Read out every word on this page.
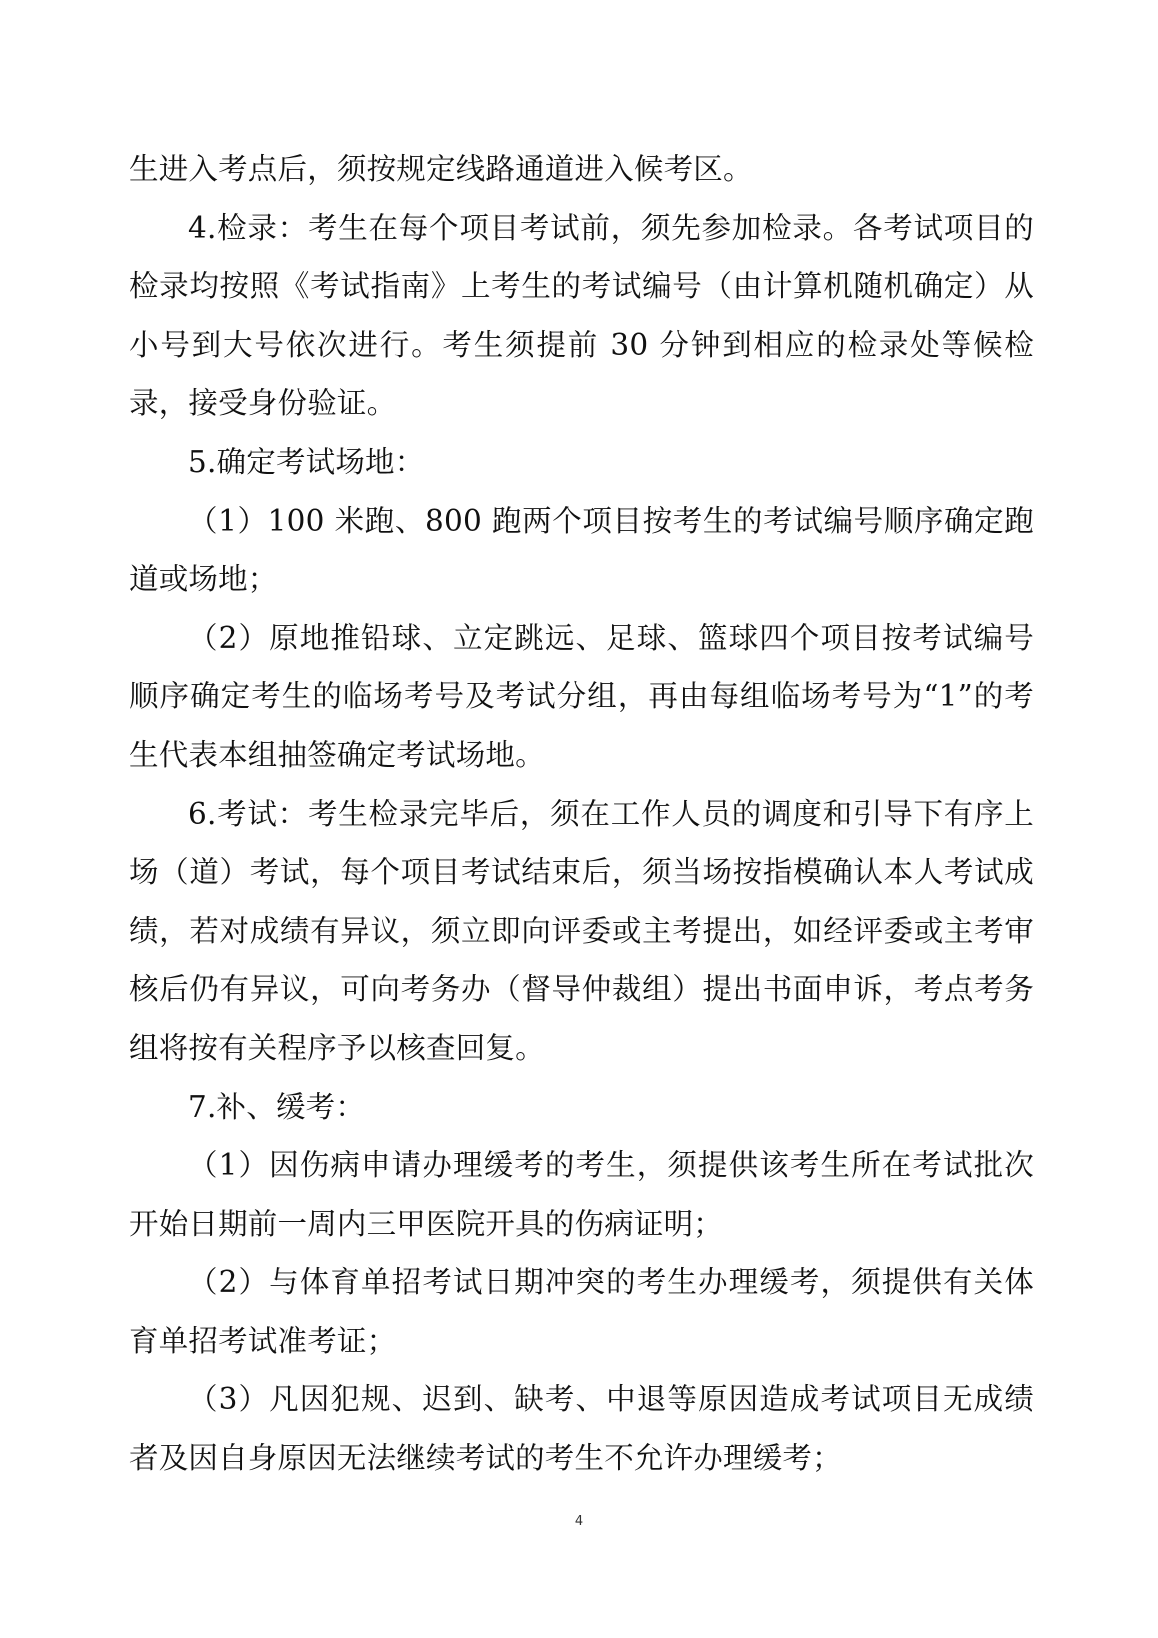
生进入考点后，须按规定线路通道进入候考区。

4.检录：考生在每个项目考试前，须先参加检录。各考试项目的检录均按照《考试指南》上考生的考试编号（由计算机随机确定）从小号到大号依次进行。考生须提前 30 分钟到相应的检录处等候检录，接受身份验证。

5.确定考试场地：

（1）100 米跑、800 跑两个项目按考生的考试编号顺序确定跑道或场地；

（2）原地推铅球、立定跳远、足球、篮球四个项目按考试编号顺序确定考生的临场考号及考试分组，再由每组临场考号为“1”的考生代表本组抽签确定考试场地。

6.考试：考生检录完毕后，须在工作人员的调度和引导下有序上场（道）考试，每个项目考试结束后，须当场按指模确认本人考试成绩，若对成绩有异议，须立即向评委或主考提出，如经评委或主考审核后仍有异议，可向考务办（督导仲裁组）提出书面申诉，考点考务组将按有关程序予以核查回复。

7.补、缓考：

（1）因伤病申请办理缓考的考生，须提供该考生所在考试批次开始日期前一周内三甲医院开具的伤病证明；

（2）与体育单招考试日期冲突的考生办理缓考，须提供有关体育单招考试准考证；

（3）凡因犯规、迟到、缺考、中退等原因造成考试项目无成绩者及因自身原因无法继续考试的考生不允许办理缓考；

4
